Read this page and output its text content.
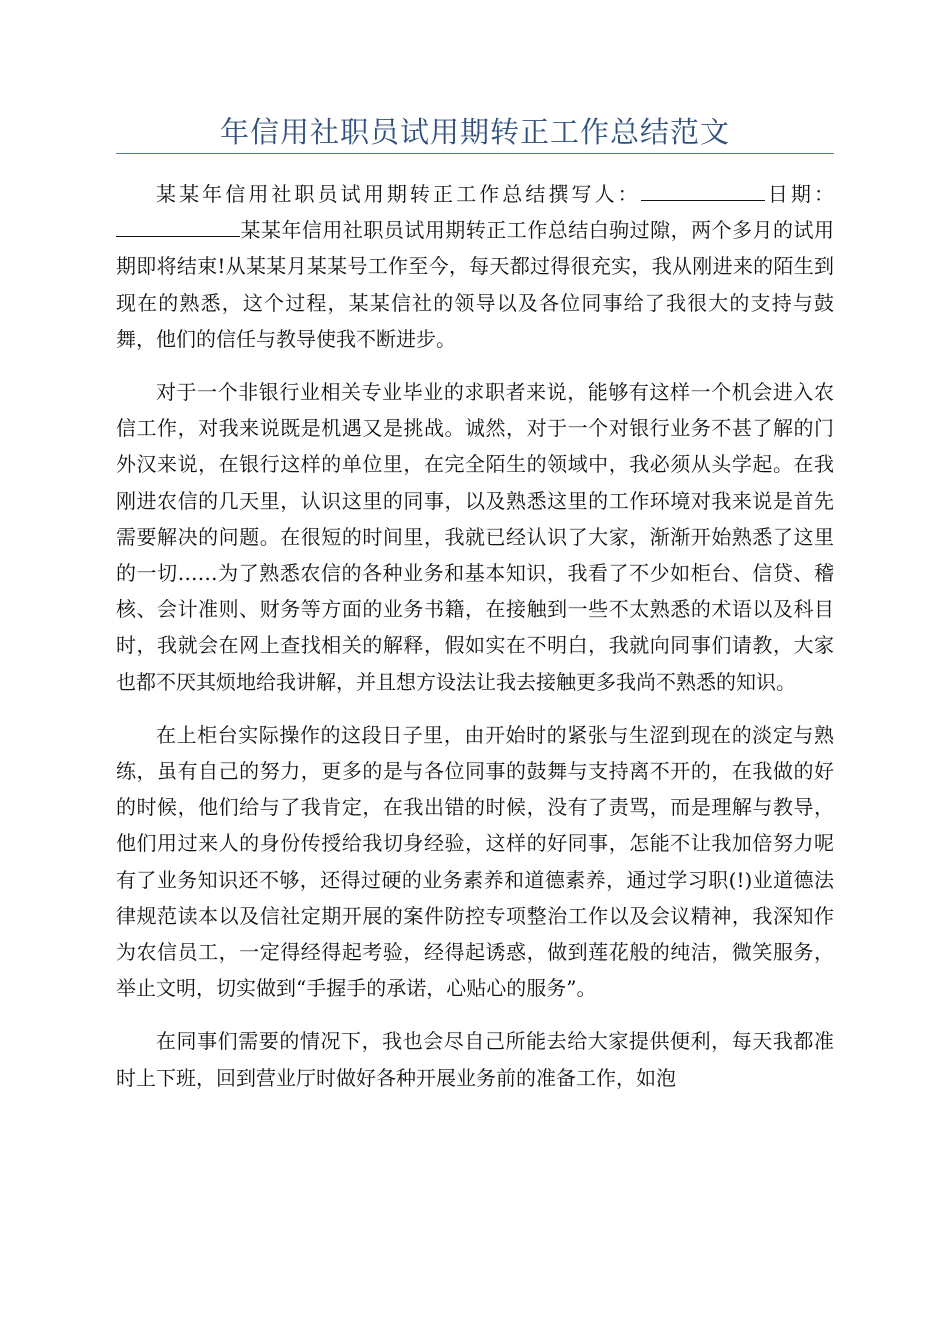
年信用社职员试用期转正工作总结范文

某某年信用社职员试用期转正工作总结撰写人：	日期：某某年信用社职员试用期转正工作总结白驹过隙，两个多月的试用期即将结束!从某某月某某号工作至今，每天都过得很充实，我从刚进来的陌生到现在的熟悉，这个过程，某某信社的领导以及各位同事给了我很大的支持与鼓舞，他们的信任与教导使我不断进步。

对于一个非银行业相关专业毕业的求职者来说，能够有这样一个机会进入农信工作，对我来说既是机遇又是挑战。诚然，对于一个对银行业务不甚了解的门外汉来说，在银行这样的单位里，在完全陌生的领域中，我必须从头学起。在我刚进农信的几天里，认识这里的同事，以及熟悉这里的工作环境对我来说是首先需要解决的问题。在很短的时间里，我就已经认识了大家，渐渐开始熟悉了这里的一切……为了熟悉农信的各种业务和基本知识，我看了不少如柜台、信贷、稽核、会计准则、财务等方面的业务书籍，在接触到一些不太熟悉的术语以及科目时，我就会在网上查找相关的解释，假如实在不明白，我就向同事们请教，大家也都不厌其烦地给我讲解，并且想方设法让我去接触更多我尚不熟悉的知识。

在上柜台实际操作的这段日子里，由开始时的紧张与生涩到现在的淡定与熟练，虽有自己的努力，更多的是与各位同事的鼓舞与支持离不开的，在我做的好的时候，他们给与了我肯定，在我出错的时候，没有了责骂，而是理解与教导，他们用过来人的身份传授给我切身经验，这样的好同事，怎能不让我加倍努力呢有了业务知识还不够，还得过硬的业务素养和道德素养，通过学习职(!)业道德法律规范读本以及信社定期开展的案件防控专项整治工作以及会议精神，我深知作为农信员工，一定得经得起考验，经得起诱惑，做到莲花般的纯洁，微笑服务，举止文明，切实做到“手握手的承诺，心贴心的服务”。

在同事们需要的情况下，我也会尽自己所能去给大家提供便利，每天我都准时上下班，回到营业厅时做好各种开展业务前的准备工作，如泡
